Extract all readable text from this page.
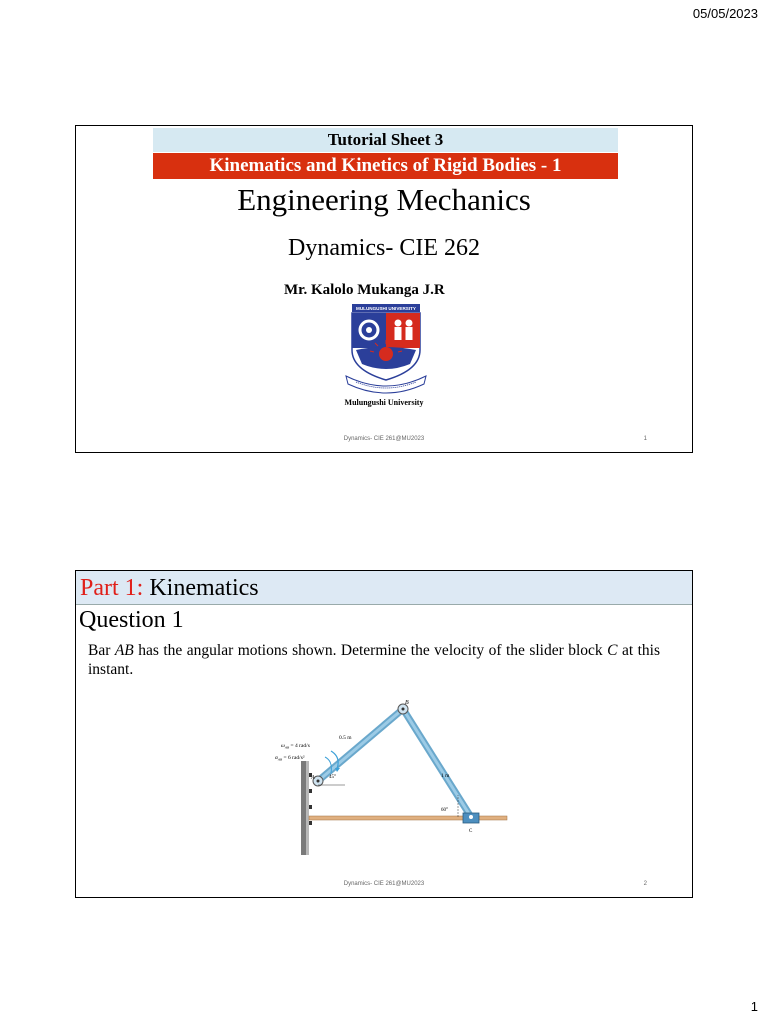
05/05/2023
Tutorial Sheet 3
Kinematics and Kinetics of Rigid Bodies - 1
Engineering Mechanics
Dynamics- CIE 262
Mr. Kalolo Mukanga J.R
MULUNGUSHI UNIVERSITY
Mulungushi University
Dynamics- CIE 261@MU2023	1
Part 1: Kinematics
Question 1
Bar AB has the angular motions shown. Determine the velocity of the slider block C at this instant.
B
A
C
0.5 m
1 m
45°
60°
$\omega_{AB} = 4$ rad/s
$\alpha_{AB} = 6$ rad/s²
Dynamics- CIE 261@MU2023	2
1
